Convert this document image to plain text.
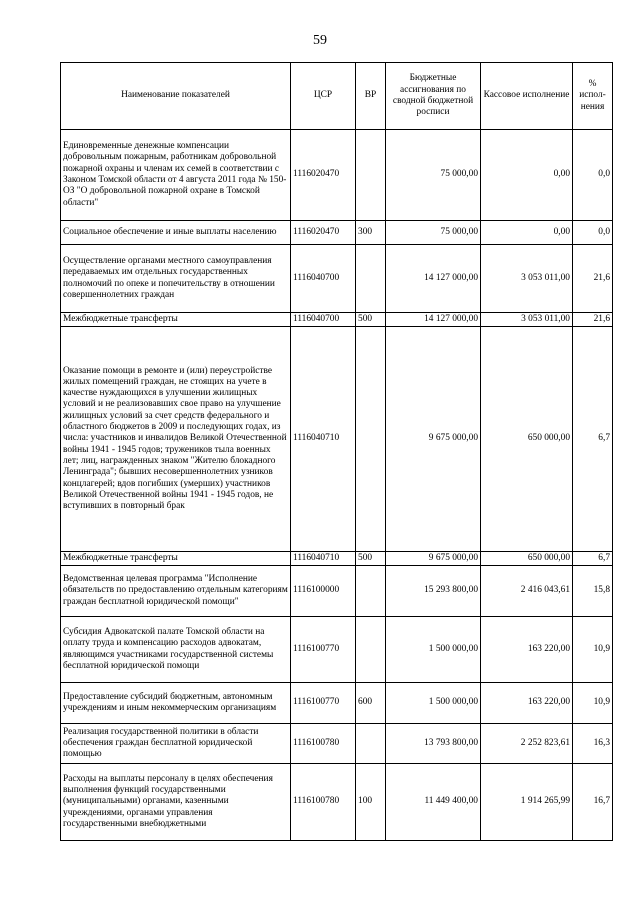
59
Наименование показателей	ЦСР	ВР	Бюджетные ассигнования по сводной бюджетной росписи	Кассовое исполнение	% испол-нения
Единовременные денежные компенсации добровольным пожарным, работникам добровольной пожарной охраны и членам их семей в соответствии с Законом Томской области от 4 августа 2011 года № 150-ОЗ "О добровольной пожарной охране в Томской области"	1116020470		75 000,00	0,00	0,0
Социальное обеспечение и иные выплаты населению	1116020470	300	75 000,00	0,00	0,0
Осуществление органами местного самоуправления передаваемых им отдельных государственных полномочий по опеке и попечительству в отношении совершеннолетних граждан	1116040700		14 127 000,00	3 053 011,00	21,6
Межбюджетные трансферты	1116040700	500	14 127 000,00	3 053 011,00	21,6
Оказание помощи в ремонте и (или) переустройстве жилых помещений граждан, не стоящих на учете в качестве нуждающихся в улучшении жилищных условий и не реализовавших свое право на улучшение жилищных условий за счет средств федерального и областного бюджетов в 2009 и последующих годах, из числа: участников и инвалидов Великой Отечественной войны 1941 - 1945 годов; тружеников тыла военных лет; лиц, награжденных знаком "Жителю блокадного Ленинграда"; бывших несовершеннолетних узников концлагерей; вдов погибших (умерших) участников Великой Отечественной войны 1941 - 1945 годов, не вступивших в повторный брак	1116040710		9 675 000,00	650 000,00	6,7
Межбюджетные трансферты	1116040710	500	9 675 000,00	650 000,00	6,7
Ведомственная целевая программа "Исполнение обязательств по предоставлению отдельным категориям граждан бесплатной юридической помощи"	1116100000		15 293 800,00	2 416 043,61	15,8
Субсидия Адвокатской палате Томской области на оплату труда и компенсацию расходов адвокатам, являющимся участниками государственной системы бесплатной юридической помощи	1116100770		1 500 000,00	163 220,00	10,9
Предоставление субсидий бюджетным, автономным учреждениям и иным некоммерческим организациям	1116100770	600	1 500 000,00	163 220,00	10,9
Реализация государственной политики в области обеспечения граждан бесплатной юридической помощью	1116100780		13 793 800,00	2 252 823,61	16,3
Расходы на выплаты персоналу в целях обеспечения выполнения функций государственными (муниципальными) органами, казенными учреждениями, органами управления государственными внебюджетными	1116100780	100	11 449 400,00	1 914 265,99	16,7
